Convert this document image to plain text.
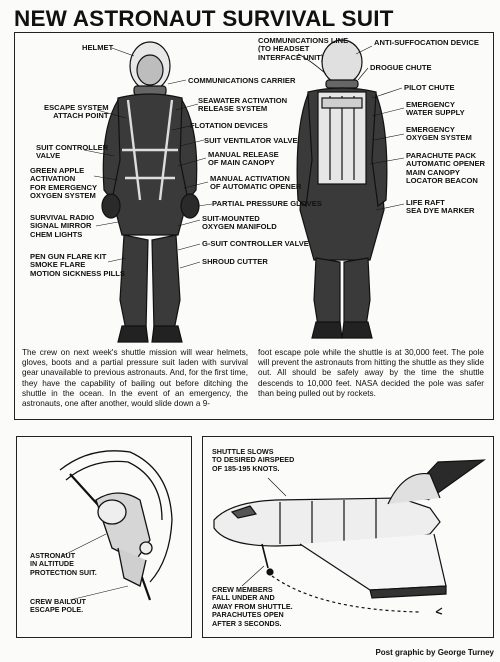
NEW ASTRONAUT SURVIVAL SUIT
HELMET
COMMUNICATIONS CARRIER
ESCAPE SYSTEM
ATTACH POINT
SEAWATER ACTIVATION
RELEASE SYSTEM
FLOTATION DEVICES
SUIT VENTILATOR VALVE
SUIT CONTROLLER
VALVE	MANUAL RELEASE
OF MAIN CANOPY
GREEN APPLE
ACTIVATION
FOR EMERGENCY
OXYGEN SYSTEM
MANUAL ACTIVATION
OF AUTOMATIC OPENER
PARTIAL PRESSURE GLOVES
SURVIVAL RADIO
SIGNAL MIRROR
CHEM LIGHTS
SUIT-MOUNTED
OXYGEN MANIFOLD
G-SUIT CONTROLLER VALVE
PEN GUN FLARE KIT
SMOKE FLARE
MOTION SICKNESS PILLS
SHROUD CUTTER
COMMUNICATIONS LINE
(TO HEADSET
INTERFACE UNIT)
ANTI-SUFFOCATION DEVICE
DROGUE CHUTE
PILOT CHUTE
EMERGENCY
WATER SUPPLY
EMERGENCY
OXYGEN SYSTEM
PARACHUTE PACK
AUTOMATIC OPENER
MAIN CANOPY
LOCATOR BEACON
LIFE RAFT
SEA DYE MARKER
The crew on next week's shuttle mission will wear helmets, gloves, boots and a partial pressure suit laden with survival gear unavailable to previous astronauts. And, for the first time, they have the capability of bailing out before ditching the shuttle in the ocean. In the event of an emergency, the astronauts, one after another, would slide down a 9-
foot escape pole while the shuttle is at 30,000 feet. The pole will prevent the astronauts from hitting the shuttle as they slide out. All should be safely away by the time the shuttle descends to 10,000 feet. NASA decided the pole was safer than being pulled out by rockets.
ASTRONAUT
IN ALTITUDE
PROTECTION SUIT.
CREW BAILOUT
ESCAPE POLE.
SHUTTLE SLOWS
TO DESIRED AIRSPEED
OF 185-195 KNOTS.
CREW MEMBERS
FALL UNDER AND
AWAY FROM SHUTTLE.
PARACHUTES OPEN
AFTER 3 SECONDS.
Post graphic by George Turney
